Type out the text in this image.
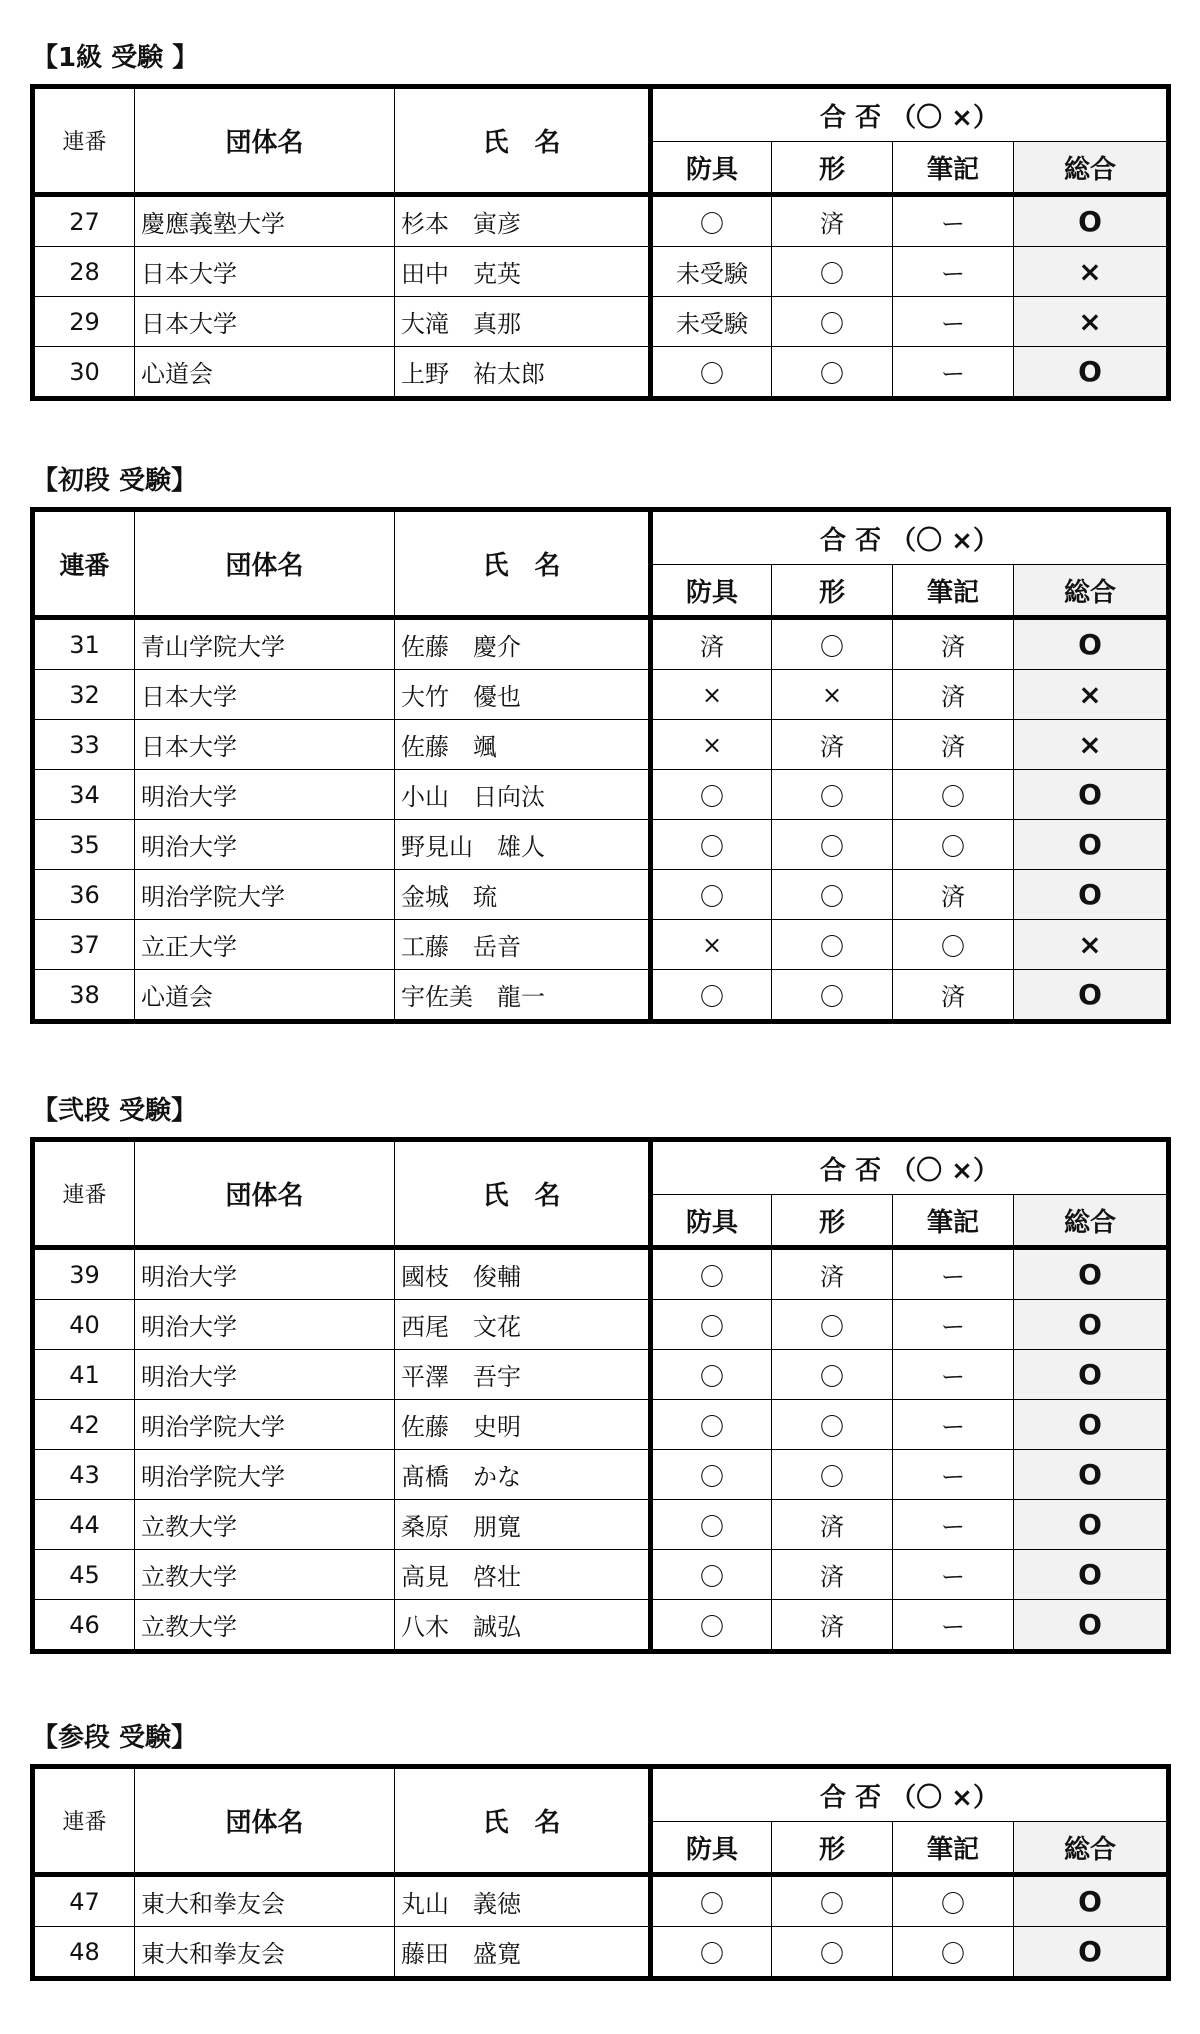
【1級 受験 】
連番	団体名	氏　名	合 否 （〇 ×）			
			防具	形	筆記	総合
27	慶應義塾大学	杉本　寅彦	〇	済	ー	O
28	日本大学	田中　克英	未受験	〇	ー	×
29	日本大学	大滝　真那	未受験	〇	ー	×
30	心道会	上野　祐太郎	〇	〇	ー	O
【初段 受験】
連番	団体名	氏　名	合 否 （〇 ×）			
			防具	形	筆記	総合
31	青山学院大学	佐藤　慶介	済	〇	済	O
32	日本大学	大竹　優也	×	×	済	×
33	日本大学	佐藤　颯	×	済	済	×
34	明治大学	小山　日向汰	〇	〇	〇	O
35	明治大学	野見山　雄人	〇	〇	〇	O
36	明治学院大学	金城　琉	〇	〇	済	O
37	立正大学	工藤　岳音	×	〇	〇	×
38	心道会	宇佐美　龍一	〇	〇	済	O
【弐段 受験】
連番	団体名	氏　名	合 否 （〇 ×）			
			防具	形	筆記	総合
39	明治大学	國枝　俊輔	〇	済	ー	O
40	明治大学	西尾　文花	〇	〇	ー	O
41	明治大学	平澤　吾宇	〇	〇	ー	O
42	明治学院大学	佐藤　史明	〇	〇	ー	O
43	明治学院大学	髙橋　かな	〇	〇	ー	O
44	立教大学	桑原　朋寛	〇	済	ー	O
45	立教大学	高見　啓壮	〇	済	ー	O
46	立教大学	八木　誠弘	〇	済	ー	O
【参段 受験】
連番	団体名	氏　名	合 否 （〇 ×）			
			防具	形	筆記	総合
47	東大和拳友会	丸山　義徳	〇	〇	〇	O
48	東大和拳友会	藤田　盛寛	〇	〇	〇	O
